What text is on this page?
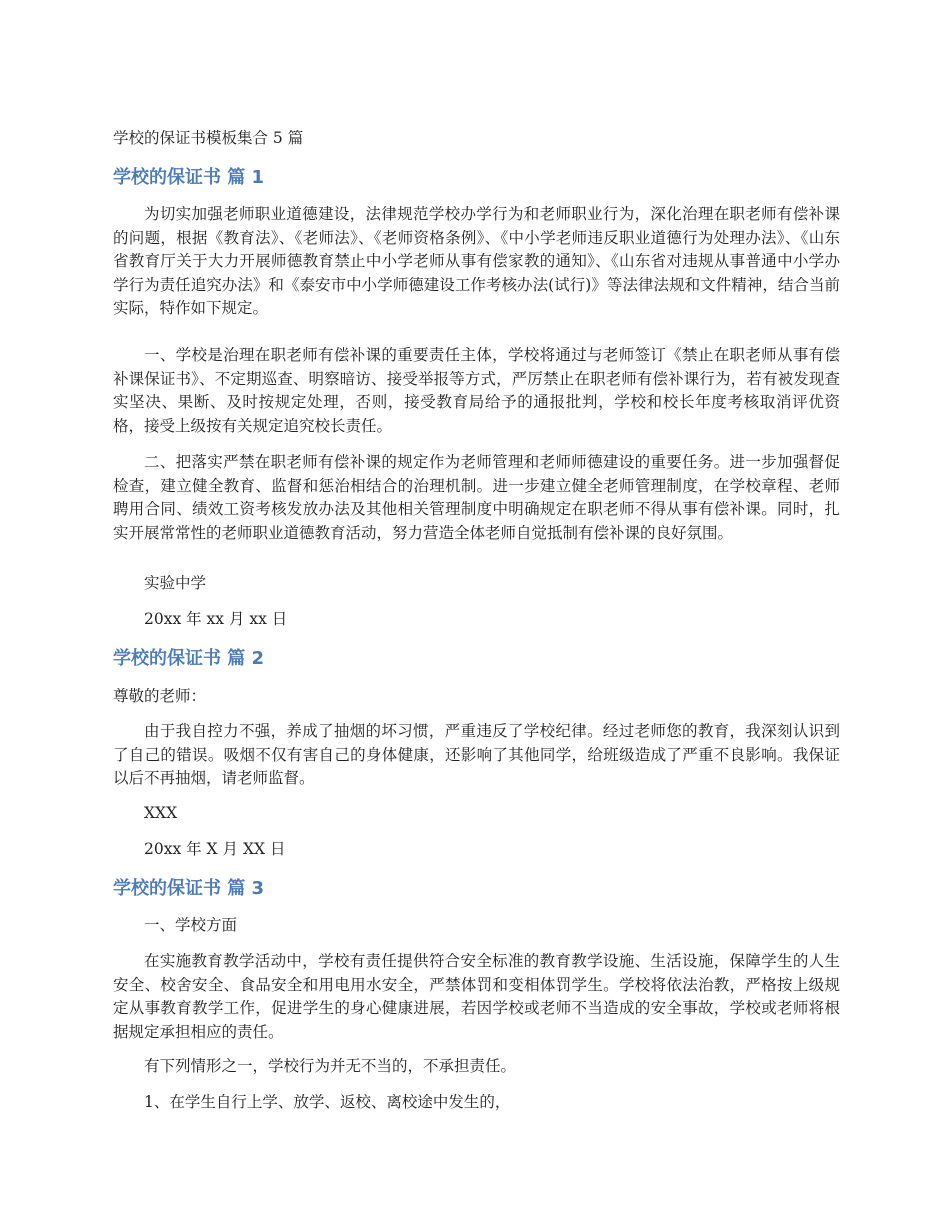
学校的保证书模板集合 5 篇
学校的保证书 篇 1

为切实加强老师职业道德建设，法律规范学校办学行为和老师职业行为，深化治理在职老师有偿补课的问题，根据《教育法》、《老师法》、《老师资格条例》、《中小学老师违反职业道德行为处理办法》、《山东省教育厅关于大力开展师德教育禁止中小学老师从事有偿家教的通知》、《山东省对违规从事普通中小学办学行为责任追究办法》和《泰安市中小学师德建设工作考核办法(试行)》等法律法规和文件精神，结合当前实际，特作如下规定。

一、学校是治理在职老师有偿补课的重要责任主体，学校将通过与老师签订《禁止在职老师从事有偿补课保证书》、不定期巡查、明察暗访、接受举报等方式，严厉禁止在职老师有偿补课行为，若有被发现查实坚决、果断、及时按规定处理，否则，接受教育局给予的通报批判，学校和校长年度考核取消评优资格，接受上级按有关规定追究校长责任。

二、把落实严禁在职老师有偿补课的规定作为老师管理和老师师德建设的重要任务。进一步加强督促检查，建立健全教育、监督和惩治相结合的治理机制。进一步建立健全老师管理制度，在学校章程、老师聘用合同、绩效工资考核发放办法及其他相关管理制度中明确规定在职老师不得从事有偿补课。同时，扎实开展常常性的老师职业道德教育活动，努力营造全体老师自觉抵制有偿补课的良好氛围。

实验中学

20xx 年 xx 月 xx 日

学校的保证书 篇 2

尊敬的老师：

由于我自控力不强，养成了抽烟的坏习惯，严重违反了学校纪律。经过老师您的教育，我深刻认识到了自己的错误。吸烟不仅有害自己的身体健康，还影响了其他同学，给班级造成了严重不良影响。我保证以后不再抽烟，请老师监督。

XXX

20xx 年 X 月 XX 日

学校的保证书 篇 3

一、学校方面

在实施教育教学活动中，学校有责任提供符合安全标准的教育教学设施、生活设施，保障学生的人生安全、校舍安全、食品安全和用电用水安全，严禁体罚和变相体罚学生。学校将依法治教，严格按上级规定从事教育教学工作，促进学生的身心健康进展，若因学校或老师不当造成的安全事故，学校或老师将根据规定承担相应的责任。

有下列情形之一，学校行为并无不当的，不承担责任。

1、在学生自行上学、放学、返校、离校途中发生的，
